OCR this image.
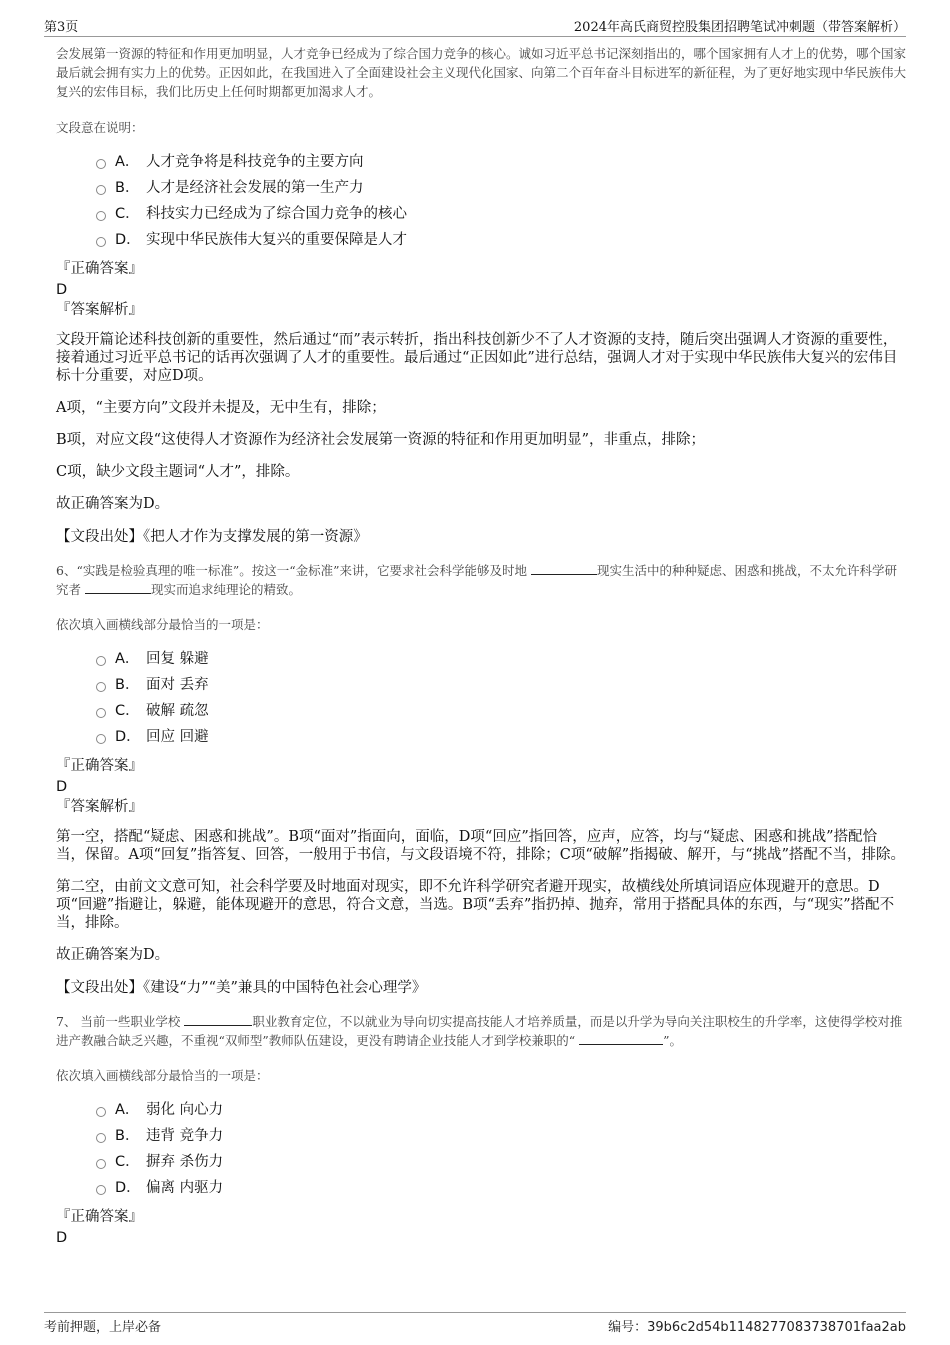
第3页	2024年高氏商贸控股集团招聘笔试冲刺题（带答案解析）
会发展第一资源的特征和作用更加明显，人才竞争已经成为了综合国力竞争的核心。诚如习近平总书记深刻指出的，哪个国家拥有人才上的优势，哪个国家最后就会拥有实力上的优势。正因如此，在我国进入了全面建设社会主义现代化国家、向第二个百年奋斗目标进军的新征程，为了更好地实现中华民族伟大复兴的宏伟目标，我们比历史上任何时期都更加渴求人才。
文段意在说明：
A． 人才竞争将是科技竞争的主要方向
B． 人才是经济社会发展的第一生产力
C． 科技实力已经成为了综合国力竞争的核心
D． 实现中华民族伟大复兴的重要保障是人才
『正确答案』
D
『答案解析』
文段开篇论述科技创新的重要性，然后通过“而”表示转折，指出科技创新少不了人才资源的支持，随后突出强调人才资源的重要性，接着通过习近平总书记的话再次强调了人才的重要性。最后通过“正因如此”进行总结，强调人才对于实现中华民族伟大复兴的宏伟目标十分重要，对应D项。
A项，“主要方向”文段并未提及，无中生有，排除；
B项，对应文段“这使得人才资源作为经济社会发展第一资源的特征和作用更加明显”，非重点，排除；
C项，缺少文段主题词“人才”，排除。
故正确答案为D。
【文段出处】《把人才作为支撑发展的第一资源》
6、“实践是检验真理的唯一标准”。按这一“金标准”来讲，它要求社会科学能够及时地	现实生活中的种种疑虑、困惑和挑战，不太允许科学研究者	现实而追求纯理论的精致。
依次填入画横线部分最恰当的一项是：
A． 回复 躲避
B． 面对 丢弃
C． 破解 疏忽
D． 回应 回避
『正确答案』
D
『答案解析』
第一空，搭配“疑虑、困惑和挑战”。B项“面对”指面向，面临，D项“回应”指回答，应声，应答，均与“疑虑、困惑和挑战”搭配恰当，保留。A项“回复”指答复、回答，一般用于书信，与文段语境不符，排除；C项“破解”指揭破、解开，与“挑战”搭配不当，排除。
第二空，由前文文意可知，社会科学要及时地面对现实，即不允许科学研究者避开现实，故横线处所填词语应体现避开的意思。D项“回避”指避让，躲避，能体现避开的意思，符合文意，当选。B项“丢弃”指扔掉、抛弃，常用于搭配具体的东西，与“现实”搭配不当，排除。
故正确答案为D。
【文段出处】《建设“力”“美”兼具的中国特色社会心理学》
7、 当前一些职业学校	职业教育定位，不以就业为导向切实提高技能人才培养质量，而是以升学为导向关注职校生的升学率，这使得学校对推进产教融合缺乏兴趣，不重视“双师型”教师队伍建设，更没有聘请企业技能人才到学校兼职的“	”。
依次填入画横线部分最恰当的一项是：
A． 弱化 向心力
B． 违背 竞争力
C． 摒弃 杀伤力
D． 偏离 内驱力
『正确答案』
D
考前押题，上岸必备	编号：39b6c2d54b1148277083738701faa2ab
